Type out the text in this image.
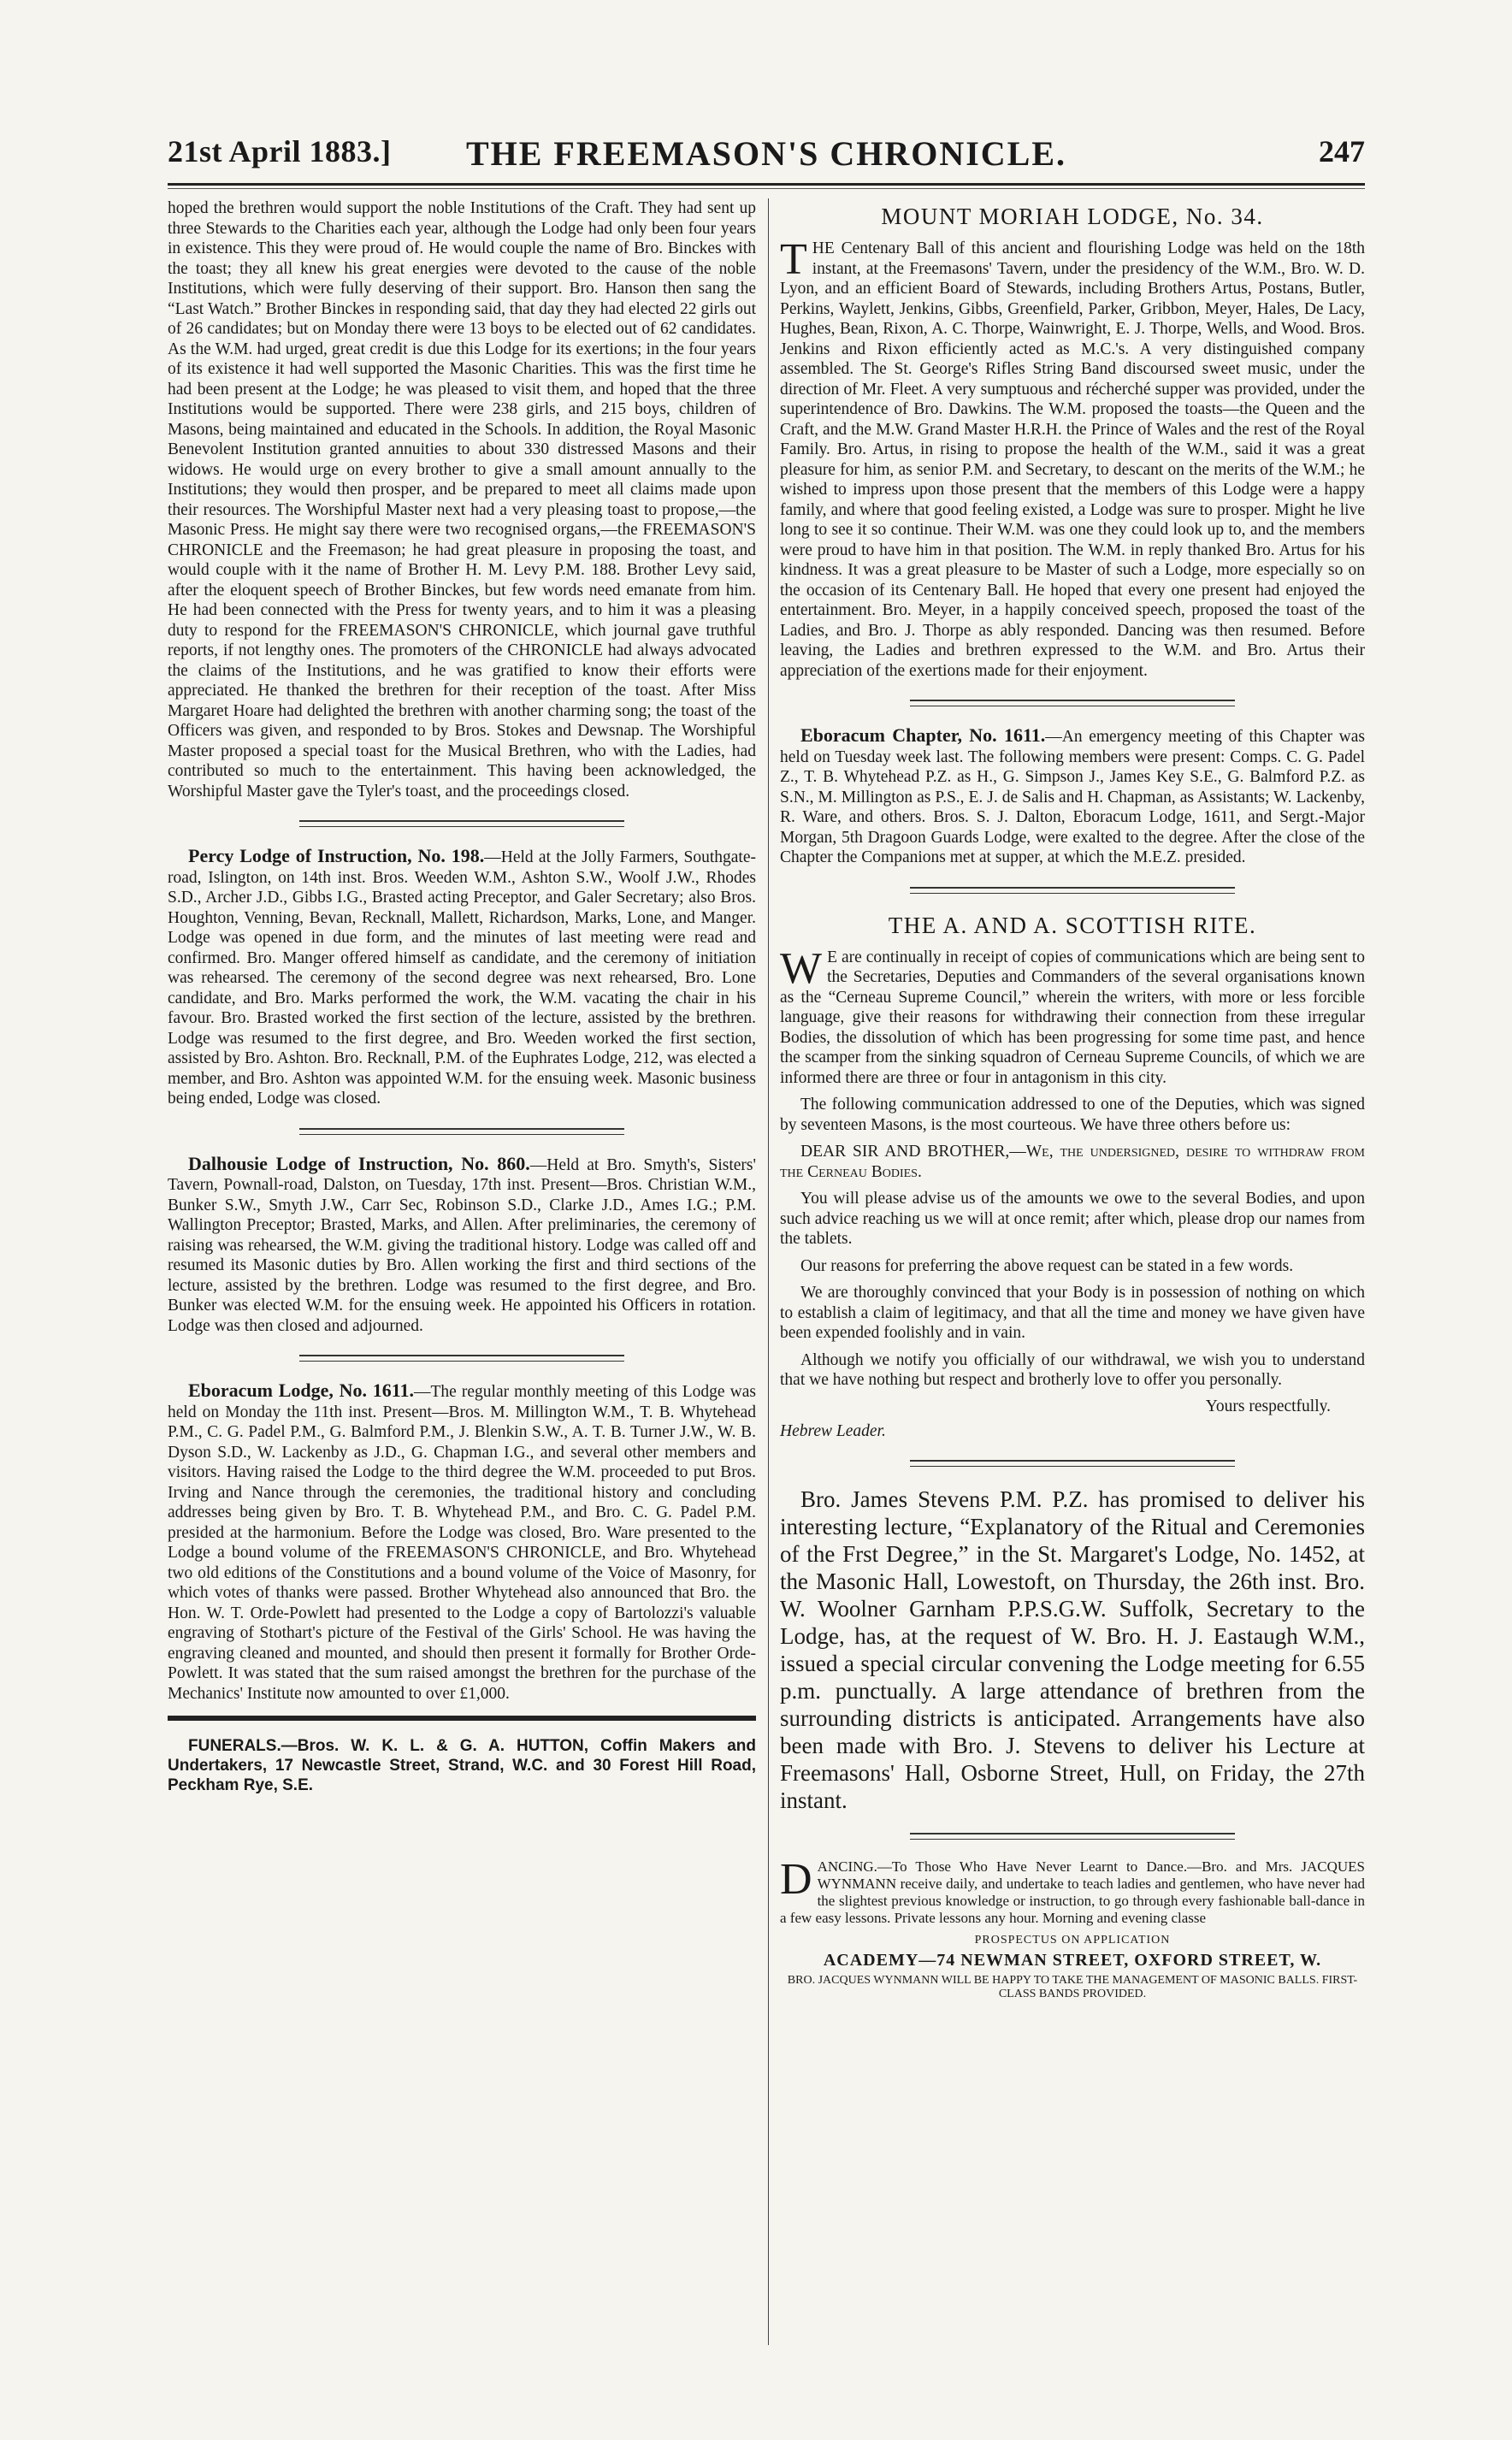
21st April 1883.]	THE FREEMASON'S CHRONICLE.	247

hoped the brethren would support the noble Institutions of the Craft. They had sent up three Stewards to the Charities each year, although the Lodge had only been four years in existence. This they were proud of. He would couple the name of Bro. Binckes with the toast; they all knew his great energies were devoted to the cause of the noble Institutions, which were fully deserving of their support. Bro. Hanson then sang the “Last Watch.” Brother Binckes in responding said, that day they had elected 22 girls out of 26 candidates; but on Monday there were 13 boys to be elected out of 62 candidates. As the W.M. had urged, great credit is due this Lodge for its exertions; in the four years of its existence it had well supported the Masonic Charities. This was the first time he had been present at the Lodge; he was pleased to visit them, and hoped that the three Institutions would be supported. There were 238 girls, and 215 boys, children of Masons, being maintained and educated in the Schools. In addition, the Royal Masonic Benevolent Institution granted annuities to about 330 distressed Masons and their widows. He would urge on every brother to give a small amount annually to the Institutions; they would then prosper, and be prepared to meet all claims made upon their resources. The Worshipful Master next had a very pleasing toast to propose,—the Masonic Press. He might say there were two recognised organs,—the FREEMASON'S CHRONICLE and the Freemason; he had great pleasure in proposing the toast, and would couple with it the name of Brother H. M. Levy P.M. 188. Brother Levy said, after the eloquent speech of Brother Binckes, but few words need emanate from him. He had been connected with the Press for twenty years, and to him it was a pleasing duty to respond for the FREEMASON'S CHRONICLE, which journal gave truthful reports, if not lengthy ones. The promoters of the CHRONICLE had always advocated the claims of the Institutions, and he was gratified to know their efforts were appreciated. He thanked the brethren for their reception of the toast. After Miss Margaret Hoare had delighted the brethren with another charming song; the toast of the Officers was given, and responded to by Bros. Stokes and Dewsnap. The Worshipful Master proposed a special toast for the Musical Brethren, who with the Ladies, had contributed so much to the entertainment. This having been acknowledged, the Worshipful Master gave the Tyler's toast, and the proceedings closed.

Percy Lodge of Instruction, No. 198.—Held at the Jolly Farmers, Southgate-road, Islington, on 14th inst. Bros. Weeden W.M., Ashton S.W., Woolf J.W., Rhodes S.D., Archer J.D., Gibbs I.G., Brasted acting Preceptor, and Galer Secretary; also Bros. Houghton, Venning, Bevan, Recknall, Mallett, Richardson, Marks, Lone, and Manger. Lodge was opened in due form, and the minutes of last meeting were read and confirmed. Bro. Manger offered himself as candidate, and the ceremony of initiation was rehearsed. The ceremony of the second degree was next rehearsed, Bro. Lone candidate, and Bro. Marks performed the work, the W.M. vacating the chair in his favour. Bro. Brasted worked the first section of the lecture, assisted by the brethren. Lodge was resumed to the first degree, and Bro. Weeden worked the first section, assisted by Bro. Ashton. Bro. Recknall, P.M. of the Euphrates Lodge, 212, was elected a member, and Bro. Ashton was appointed W.M. for the ensuing week. Masonic business being ended, Lodge was closed.

Dalhousie Lodge of Instruction, No. 860.—Held at Bro. Smyth's, Sisters' Tavern, Pownall-road, Dalston, on Tuesday, 17th inst. Present—Bros. Christian W.M., Bunker S.W., Smyth J.W., Carr Sec, Robinson S.D., Clarke J.D., Ames I.G.; P.M. Wallington Preceptor; Brasted, Marks, and Allen. After preliminaries, the ceremony of raising was rehearsed, the W.M. giving the traditional history. Lodge was called off and resumed its Masonic duties by Bro. Allen working the first and third sections of the lecture, assisted by the brethren. Lodge was resumed to the first degree, and Bro. Bunker was elected W.M. for the ensuing week. He appointed his Officers in rotation. Lodge was then closed and adjourned.

Eboracum Lodge, No. 1611.—The regular monthly meeting of this Lodge was held on Monday the 11th inst. Present—Bros. M. Millington W.M., T. B. Whytehead P.M., C. G. Padel P.M., G. Balmford P.M., J. Blenkin S.W., A. T. B. Turner J.W., W. B. Dyson S.D., W. Lackenby as J.D., G. Chapman I.G., and several other members and visitors. Having raised the Lodge to the third degree the W.M. proceeded to put Bros. Irving and Nance through the ceremonies, the traditional history and concluding addresses being given by Bro. T. B. Whytehead P.M., and Bro. C. G. Padel P.M. presided at the harmonium. Before the Lodge was closed, Bro. Ware presented to the Lodge a bound volume of the FREEMASON'S CHRONICLE, and Bro. Whytehead two old editions of the Constitutions and a bound volume of the Voice of Masonry, for which votes of thanks were passed. Brother Whytehead also announced that Bro. the Hon. W. T. Orde-Powlett had presented to the Lodge a copy of Bartolozzi's valuable engraving of Stothart's picture of the Festival of the Girls' School. He was having the engraving cleaned and mounted, and should then present it formally for Brother Orde-Powlett. It was stated that the sum raised amongst the brethren for the purchase of the Mechanics' Institute now amounted to over £1,000.

FUNERALS.—Bros. W. K. L. & G. A. HUTTON, Coffin Makers and Undertakers, 17 Newcastle Street, Strand, W.C. and 30 Forest Hill Road, Peckham Rye, S.E.

MOUNT MORIAH LODGE, No. 34.

THE Centenary Ball of this ancient and flourishing Lodge was held on the 18th instant, at the Freemasons' Tavern, under the presidency of the W.M., Bro. W. D. Lyon, and an efficient Board of Stewards, including Brothers Artus, Postans, Butler, Perkins, Waylett, Jenkins, Gibbs, Greenfield, Parker, Gribbon, Meyer, Hales, De Lacy, Hughes, Bean, Rixon, A. C. Thorpe, Wainwright, E. J. Thorpe, Wells, and Wood. Bros. Jenkins and Rixon efficiently acted as M.C.'s. A very distinguished company assembled. The St. George's Rifles String Band discoursed sweet music, under the direction of Mr. Fleet. A very sumptuous and récherché supper was provided, under the superintendence of Bro. Dawkins. The W.M. proposed the toasts—the Queen and the Craft, and the M.W. Grand Master H.R.H. the Prince of Wales and the rest of the Royal Family. Bro. Artus, in rising to propose the health of the W.M., said it was a great pleasure for him, as senior P.M. and Secretary, to descant on the merits of the W.M.; he wished to impress upon those present that the members of this Lodge were a happy family, and where that good feeling existed, a Lodge was sure to prosper. Might he live long to see it so continue. Their W.M. was one they could look up to, and the members were proud to have him in that position. The W.M. in reply thanked Bro. Artus for his kindness. It was a great pleasure to be Master of such a Lodge, more especially so on the occasion of its Centenary Ball. He hoped that every one present had enjoyed the entertainment. Bro. Meyer, in a happily conceived speech, proposed the toast of the Ladies, and Bro. J. Thorpe as ably responded. Dancing was then resumed. Before leaving, the Ladies and brethren expressed to the W.M. and Bro. Artus their appreciation of the exertions made for their enjoyment.

Eboracum Chapter, No. 1611.—An emergency meeting of this Chapter was held on Tuesday week last. The following members were present: Comps. C. G. Padel Z., T. B. Whytehead P.Z. as H., G. Simpson J., James Key S.E., G. Balmford P.Z. as S.N., M. Millington as P.S., E. J. de Salis and H. Chapman, as Assistants; W. Lackenby, R. Ware, and others. Bros. S. J. Dalton, Eboracum Lodge, 1611, and Sergt.-Major Morgan, 5th Dragoon Guards Lodge, were exalted to the degree. After the close of the Chapter the Companions met at supper, at which the M.E.Z. presided.

THE A. AND A. SCOTTISH RITE.

W E are continually in receipt of copies of communications which are being sent to the Secretaries, Deputies and Commanders of the several organisations known as the “Cerneau Supreme Council,” wherein the writers, with more or less forcible language, give their reasons for withdrawing their connection from these irregular Bodies, the dissolution of which has been progressing for some time past, and hence the scamper from the sinking squadron of Cerneau Supreme Councils, of which we are informed there are three or four in antagonism in this city.

The following communication addressed to one of the Deputies, which was signed by seventeen Masons, is the most courteous. We have three others before us:

DEAR SIR AND BROTHER,—We, the undersigned, desire to withdraw from the Cerneau Bodies.

You will please advise us of the amounts we owe to the several Bodies, and upon such advice reaching us we will at once remit; after which, please drop our names from the tablets.

Our reasons for preferring the above request can be stated in a few words.

We are thoroughly convinced that your Body is in possession of nothing on which to establish a claim of legitimacy, and that all the time and money we have given have been expended foolishly and in vain.

Although we notify you officially of our withdrawal, we wish you to understand that we have nothing but respect and brotherly love to offer you personally.

Yours respectfully.

Hebrew Leader.

Bro. James Stevens P.M. P.Z. has promised to deliver his interesting lecture, “Explanatory of the Ritual and Ceremonies of the Frst Degree,” in the St. Margaret's Lodge, No. 1452, at the Masonic Hall, Lowestoft, on Thursday, the 26th inst. Bro. W. Woolner Garnham P.P.S.G.W. Suffolk, Secretary to the Lodge, has, at the request of W. Bro. H. J. Eastaugh W.M., issued a special circular convening the Lodge meeting for 6.55 p.m. punctually. A large attendance of brethren from the surrounding districts is anticipated. Arrangements have also been made with Bro. J. Stevens to deliver his Lecture at Freemasons' Hall, Osborne Street, Hull, on Friday, the 27th instant.

DANCING.—To Those Who Have Never Learnt to Dance.—Bro. and Mrs. JACQUES WYNMANN receive daily, and undertake to teach ladies and gentlemen, who have never had the slightest previous knowledge or instruction, to go through every fashionable ball-dance in a few easy lessons. Private lessons any hour. Morning and evening classe

PROSPECTUS ON APPLICATION
ACADEMY—74 NEWMAN STREET, OXFORD STREET, W.
BRO. JACQUES WYNMANN WILL BE HAPPY TO TAKE THE MANAGEMENT OF MASONIC BALLS. FIRST-CLASS BANDS PROVIDED.
